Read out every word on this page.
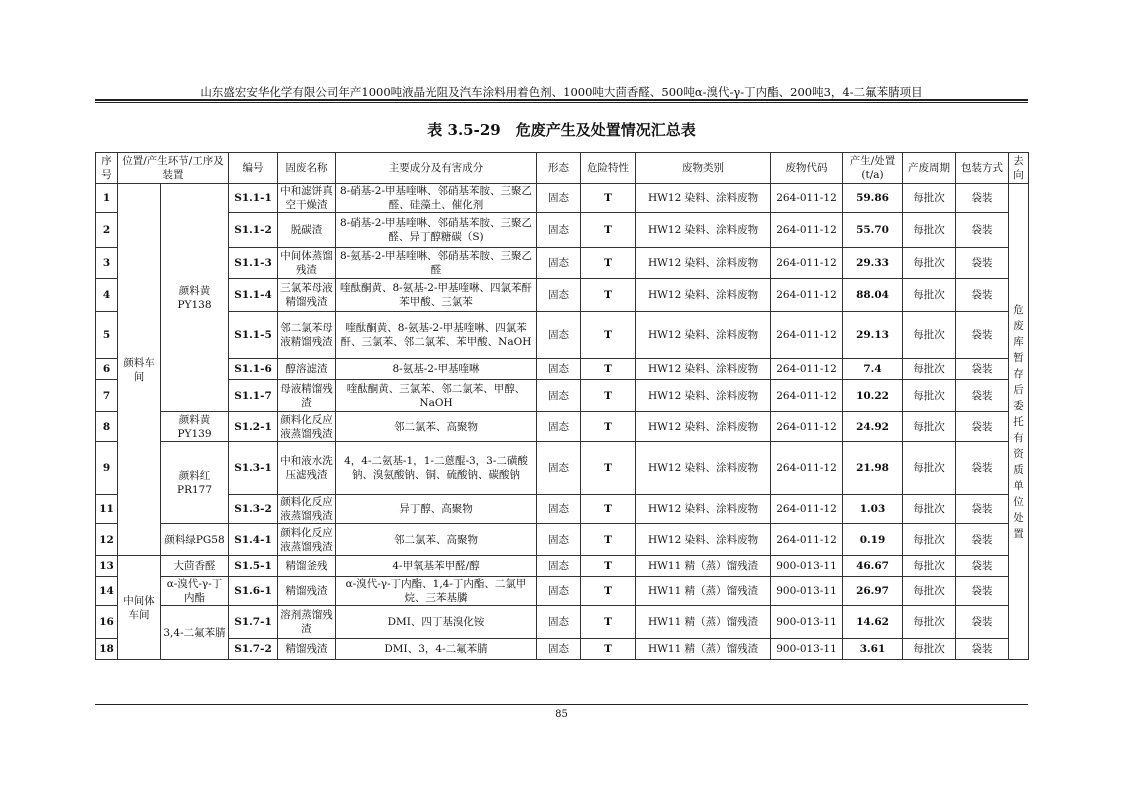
山东盛宏安华化学有限公司年产1000吨液晶光阻及汽车涂料用着色剂、1000吨大茴香醛、500吨α-溴代-γ-丁内酯、200吨3，4-二氟苯腈项目
表 3.5-29　危废产生及处置情况汇总表
序号	位置/产生环节/工序及装置		编号	固废名称	主要成分及有害成分	形态	危险特性	废物类别	废物代码	产生/处置(t/a)	产废周期	包装方式	去向
1	颜料车间	颜料黄PY138	S1.1-1	中和滤饼真空干燥渣	8-硝基-2-甲基喹啉、邻硝基苯胺、三聚乙醛、硅藻土、催化剂	固态	T	HW12 染料、涂料废物	264-011-12	59.86	每批次	袋装	危废库暂存后委托有资质单位处置
2			S1.1-2	脱碳渣	8-硝基-2-甲基喹啉、邻硝基苯胺、三聚乙醛、异丁醇糖碳（S)	固态	T	HW12 染料、涂料废物	264-011-12	55.70	每批次	袋装	
3			S1.1-3	中间体蒸馏残渣	8-氨基-2-甲基喹啉、邻硝基苯胺、三聚乙醛	固态	T	HW12 染料、涂料废物	264-011-12	29.33	每批次	袋装	
4			S1.1-4	三氯苯母液精馏残渣	喹酞酮黄、8-氨基-2-甲基喹啉、四氯苯酐苯甲酸、三氯苯	固态	T	HW12 染料、涂料废物	264-011-12	88.04	每批次	袋装	
5			S1.1-5	邻二氯苯母液精馏残渣	喹酞酮黄、8-氨基-2-甲基喹啉、四氯苯酐、三氯苯、邻二氯苯、苯甲酸、NaOH	固态	T	HW12 染料、涂料废物	264-011-12	29.13	每批次	袋装	
6			S1.1-6	醇溶滤渣	8-氨基-2-甲基喹啉	固态	T	HW12 染料、涂料废物	264-011-12	7.4	每批次	袋装	
7			S1.1-7	母液精馏残渣	喹酞酮黄、三氯苯、邻二氯苯、甲醇、NaOH	固态	T	HW12 染料、涂料废物	264-011-12	10.22	每批次	袋装	
8		颜料黄PY139	S1.2-1	颜料化反应液蒸馏残渣	邻二氯苯、高聚物	固态	T	HW12 染料、涂料废物	264-011-12	24.92	每批次	袋装	
9		颜料红PR177	S1.3-1	中和液水洗压滤残渣	4，4-二氨基-1，1-二蒽醌-3，3-二磺酸钠、溴氨酸钠、铜、硫酸钠、碳酸钠	固态	T	HW12 染料、涂料废物	264-011-12	21.98	每批次	袋装	
11			S1.3-2	颜料化反应液蒸馏残渣	异丁醇、高聚物	固态	T	HW12 染料、涂料废物	264-011-12	1.03	每批次	袋装	
12		颜料绿PG58	S1.4-1	颜料化反应液蒸馏残渣	邻二氯苯、高聚物	固态	T	HW12 染料、涂料废物	264-011-12	0.19	每批次	袋装	
13	中间体车间	大茴香醛	S1.5-1	精馏釜残	4-甲氧基苯甲醛/醇	固态	T	HW11 精（蒸）馏残渣	900-013-11	46.67	每批次	袋装	
14		α-溴代-γ-丁内酯	S1.6-1	精馏残渣	α-溴代-γ-丁内酯、1,4-丁内酯、二氯甲烷、三苯基膦	固态	T	HW11 精（蒸）馏残渣	900-013-11	26.97	每批次	袋装	
16		3,4-二氟苯腈	S1.7-1	溶剂蒸馏残渣	DMI、四丁基溴化铵	固态	T	HW11 精（蒸）馏残渣	900-013-11	14.62	每批次	袋装	
18			S1.7-2	精馏残渣	DMI、3，4-二氟苯腈	固态	T	HW11 精（蒸）馏残渣	900-013-11	3.61	每批次	袋装	
85
